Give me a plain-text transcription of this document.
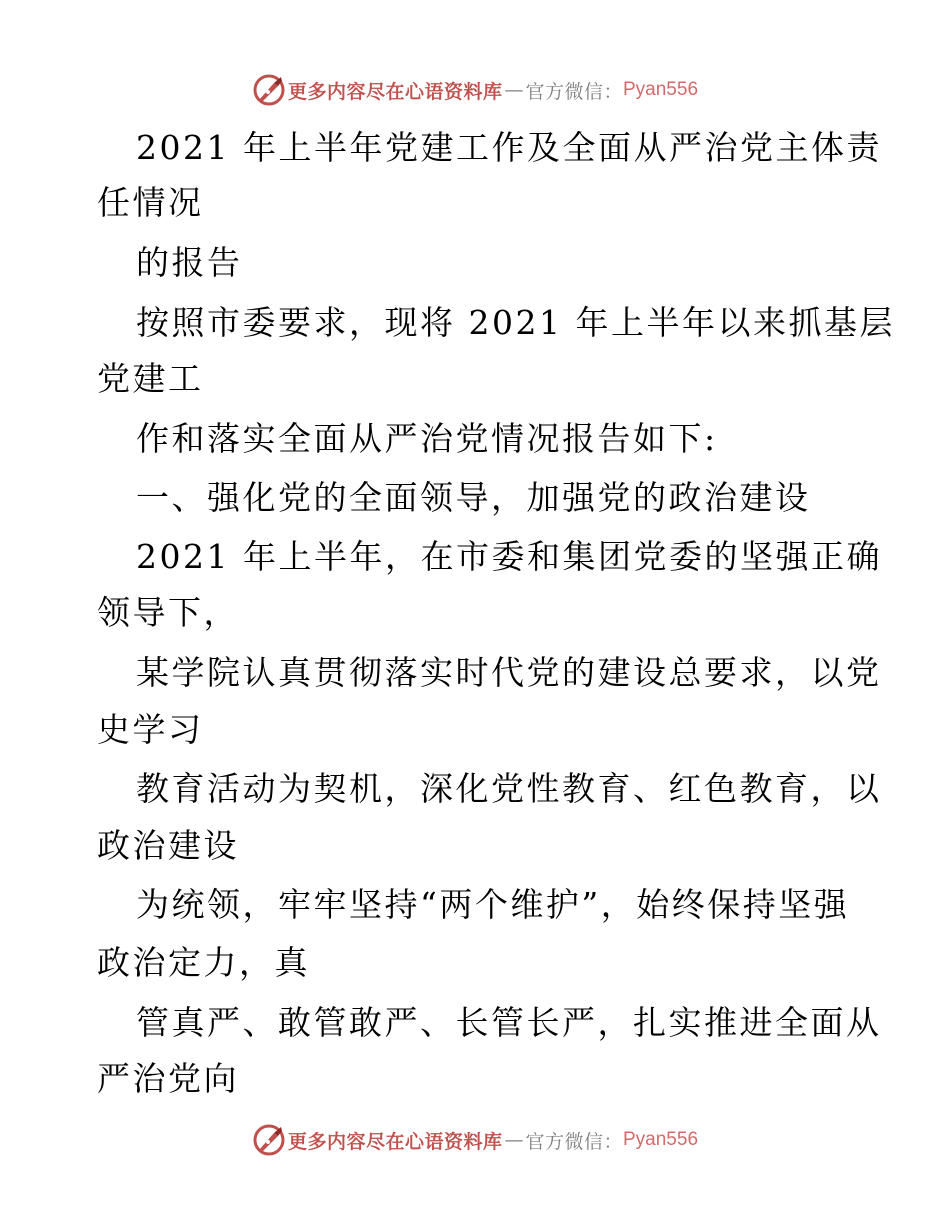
更多内容尽在心语资料库 — 官方微信： Pyan556
2021 年上半年党建工作及全面从严治党主体责
任情况
的报告
按照市委要求，现将 2021 年上半年以来抓基层
党建工
作和落实全面从严治党情况报告如下:
一、强化党的全面领导，加强党的政治建设
2021 年上半年，在市委和集团党委的坚强正确
领导下，
某学院认真贯彻落实时代党的建设总要求，以党
史学习
教育活动为契机，深化党性教育、红色教育，以
政治建设
为统领，牢牢坚持“两个维护”，始终保持坚强
政治定力，真
管真严、敢管敢严、长管长严，扎实推进全面从
严治党向
更多内容尽在心语资料库 — 官方微信： Pyan556
